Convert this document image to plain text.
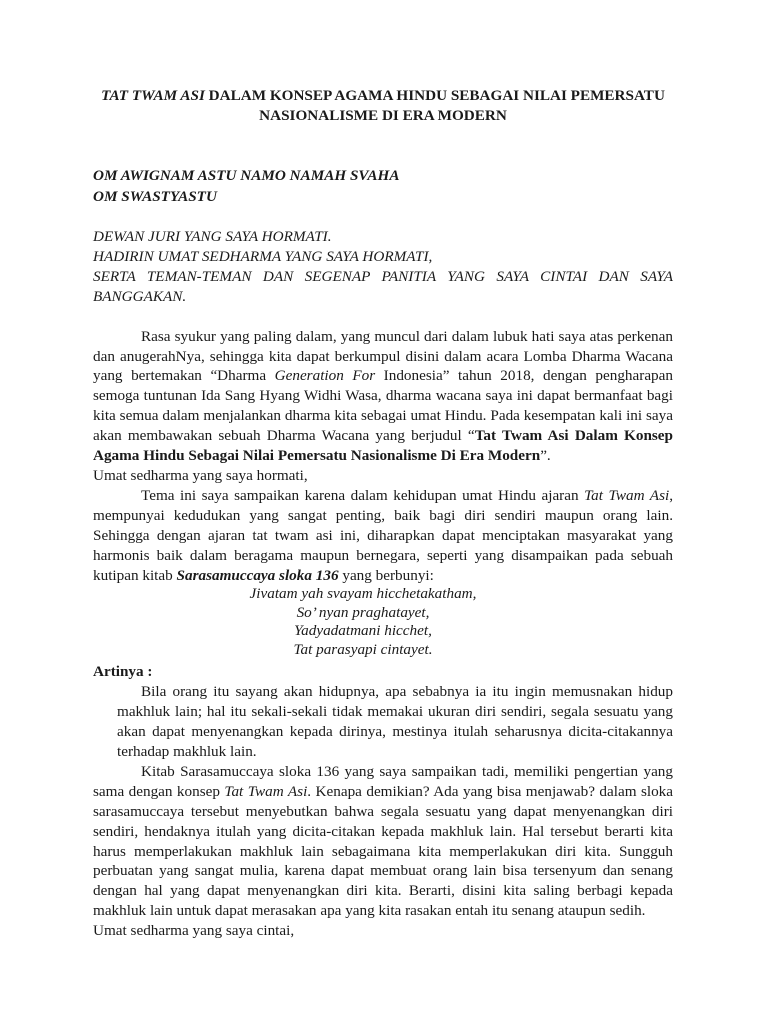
TAT TWAM ASI DALAM KONSEP AGAMA HINDU SEBAGAI NILAI PEMERSATU
NASIONALISME DI ERA MODERN
OM AWIGNAM ASTU NAMO NAMAH SVAHA
OM SWASTYASTU
DEWAN JURI YANG SAYA HORMATI.
HADIRIN UMAT SEDHARMA YANG SAYA HORMATI,
SERTA TEMAN-TEMAN DAN SEGENAP PANITIA YANG SAYA CINTAI DAN SAYA BANGGAKAN.

Rasa syukur yang paling dalam, yang muncul dari dalam lubuk hati saya atas perkenan dan anugerahNya, sehingga kita dapat berkumpul disini dalam acara Lomba Dharma Wacana yang bertemakan “Dharma Generation For Indonesia” tahun 2018, dengan pengharapan semoga tuntunan Ida Sang Hyang Widhi Wasa, dharma wacana saya ini dapat bermanfaat bagi kita semua dalam menjalankan dharma kita sebagai umat Hindu. Pada kesempatan kali ini saya akan membawakan sebuah Dharma Wacana yang berjudul “Tat Twam Asi Dalam Konsep Agama Hindu Sebagai Nilai Pemersatu Nasionalisme Di Era Modern”.

Umat sedharma yang saya hormati,

Tema ini saya sampaikan karena dalam kehidupan umat Hindu ajaran Tat Twam Asi, mempunyai kedudukan yang sangat penting, baik bagi diri sendiri maupun orang lain. Sehingga dengan ajaran tat twam asi ini, diharapkan dapat menciptakan masyarakat yang harmonis baik dalam beragama maupun bernegara, seperti yang disampaikan pada sebuah kutipan kitab Sarasamuccaya sloka 136 yang berbunyi:

Jivatam yah svayam hicchetakatham,
So’ nyan praghatayet,
Yadyadatmani hicchet,
Tat parasyapi cintayet.
Artinya :

Bila orang itu sayang akan hidupnya, apa sebabnya ia itu ingin memusnakan hidup makhluk lain; hal itu sekali-sekali tidak memakai ukuran diri sendiri, segala sesuatu yang akan dapat menyenangkan kepada dirinya, mestinya itulah seharusnya dicita-citakannya terhadap makhluk lain.

Kitab Sarasamuccaya sloka 136 yang saya sampaikan tadi, memiliki pengertian yang sama dengan konsep Tat Twam Asi. Kenapa demikian? Ada yang bisa menjawab? dalam sloka sarasamuccaya tersebut menyebutkan bahwa segala sesuatu yang dapat menyenangkan diri sendiri, hendaknya itulah yang dicita-citakan kepada makhluk lain. Hal tersebut berarti kita harus memperlakukan makhluk lain sebagaimana kita memperlakukan diri kita. Sungguh perbuatan yang sangat mulia, karena dapat membuat orang lain bisa tersenyum dan senang dengan hal yang dapat menyenangkan diri kita. Berarti, disini kita saling berbagi kepada makhluk lain untuk dapat merasakan apa yang kita rasakan entah itu senang ataupun sedih.

Umat sedharma yang saya cintai,
